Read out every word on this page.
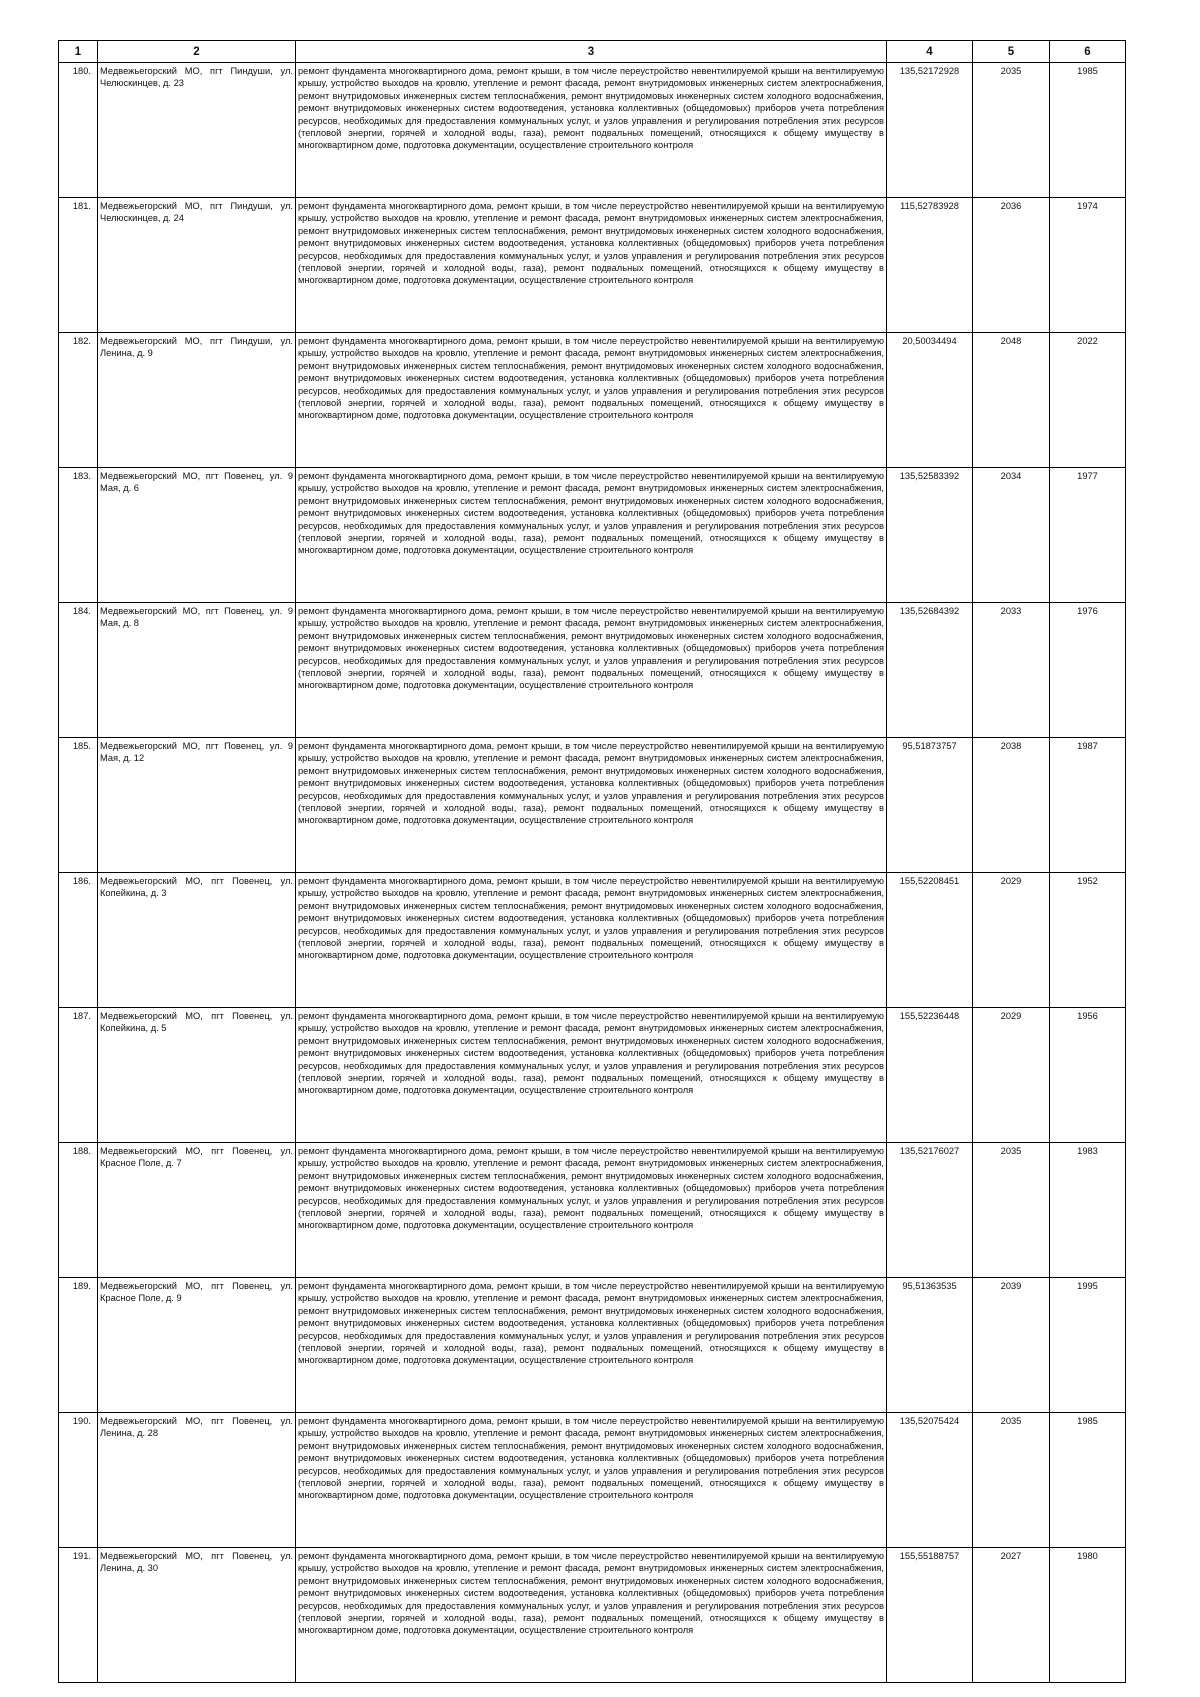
1	2	3	4	5	6
180.	Медвежьегорский МО, пгт Пиндуши, ул. Челюскинцев, д. 23	ремонт фундамента многоквартирного дома, ремонт крыши, в том числе переустройство невентилируемой крыши на вентилируемую крышу, устройство выходов на кровлю, утепление и ремонт фасада, ремонт внутридомовых инженерных систем электроснабжения, ремонт внутридомовых инженерных систем теплоснабжения, ремонт внутридомовых инженерных систем холодного водоснабжения, ремонт внутридомовых инженерных систем водоотведения, установка коллективных (общедомовых) приборов учета потребления ресурсов, необходимых для предоставления коммунальных услуг, и узлов управления и регулирования потребления этих ресурсов (тепловой энергии, горячей и холодной воды, газа), ремонт подвальных помещений, относящихся к общему имуществу в многоквартирном доме, подготовка документации, осуществление строительного контроля	135,52172928	2035	1985
181.	Медвежьегорский МО, пгт Пиндуши, ул. Челюскинцев, д. 24	ремонт фундамента многоквартирного дома, ремонт крыши, в том числе переустройство невентилируемой крыши на вентилируемую крышу, устройство выходов на кровлю, утепление и ремонт фасада, ремонт внутридомовых инженерных систем электроснабжения, ремонт внутридомовых инженерных систем теплоснабжения, ремонт внутридомовых инженерных систем холодного водоснабжения, ремонт внутридомовых инженерных систем водоотведения, установка коллективных (общедомовых) приборов учета потребления ресурсов, необходимых для предоставления коммунальных услуг, и узлов управления и регулирования потребления этих ресурсов (тепловой энергии, горячей и холодной воды, газа), ремонт подвальных помещений, относящихся к общему имуществу в многоквартирном доме, подготовка документации, осуществление строительного контроля	115,52783928	2036	1974
182.	Медвежьегорский МО, пгт Пиндуши, ул. Ленина, д. 9	ремонт фундамента многоквартирного дома, ремонт крыши, в том числе переустройство невентилируемой крыши на вентилируемую крышу, устройство выходов на кровлю, утепление и ремонт фасада, ремонт внутридомовых инженерных систем электроснабжения, ремонт внутридомовых инженерных систем теплоснабжения, ремонт внутридомовых инженерных систем холодного водоснабжения, ремонт внутридомовых инженерных систем водоотведения, установка коллективных (общедомовых) приборов учета потребления ресурсов, необходимых для предоставления коммунальных услуг, и узлов управления и регулирования потребления этих ресурсов (тепловой энергии, горячей и холодной воды, газа), ремонт подвальных помещений, относящихся к общему имуществу в многоквартирном доме, подготовка документации, осуществление строительного контроля	20,50034494	2048	2022
183.	Медвежьегорский МО, пгт Повенец, ул. 9 Мая, д. 6	ремонт фундамента многоквартирного дома, ремонт крыши, в том числе переустройство невентилируемой крыши на вентилируемую крышу, устройство выходов на кровлю, утепление и ремонт фасада, ремонт внутридомовых инженерных систем электроснабжения, ремонт внутридомовых инженерных систем теплоснабжения, ремонт внутридомовых инженерных систем холодного водоснабжения, ремонт внутридомовых инженерных систем водоотведения, установка коллективных (общедомовых) приборов учета потребления ресурсов, необходимых для предоставления коммунальных услуг, и узлов управления и регулирования потребления этих ресурсов (тепловой энергии, горячей и холодной воды, газа), ремонт подвальных помещений, относящихся к общему имуществу в многоквартирном доме, подготовка документации, осуществление строительного контроля	135,52583392	2034	1977
184.	Медвежьегорский МО, пгт Повенец, ул. 9 Мая, д. 8	ремонт фундамента многоквартирного дома, ремонт крыши, в том числе переустройство невентилируемой крыши на вентилируемую крышу, устройство выходов на кровлю, утепление и ремонт фасада, ремонт внутридомовых инженерных систем электроснабжения, ремонт внутридомовых инженерных систем теплоснабжения, ремонт внутридомовых инженерных систем холодного водоснабжения, ремонт внутридомовых инженерных систем водоотведения, установка коллективных (общедомовых) приборов учета потребления ресурсов, необходимых для предоставления коммунальных услуг, и узлов управления и регулирования потребления этих ресурсов (тепловой энергии, горячей и холодной воды, газа), ремонт подвальных помещений, относящихся к общему имуществу в многоквартирном доме, подготовка документации, осуществление строительного контроля	135,52684392	2033	1976
185.	Медвежьегорский МО, пгт Повенец, ул. 9 Мая, д. 12	ремонт фундамента многоквартирного дома, ремонт крыши, в том числе переустройство невентилируемой крыши на вентилируемую крышу, устройство выходов на кровлю, утепление и ремонт фасада, ремонт внутридомовых инженерных систем электроснабжения, ремонт внутридомовых инженерных систем теплоснабжения, ремонт внутридомовых инженерных систем холодного водоснабжения, ремонт внутридомовых инженерных систем водоотведения, установка коллективных (общедомовых) приборов учета потребления ресурсов, необходимых для предоставления коммунальных услуг, и узлов управления и регулирования потребления этих ресурсов (тепловой энергии, горячей и холодной воды, газа), ремонт подвальных помещений, относящихся к общему имуществу в многоквартирном доме, подготовка документации, осуществление строительного контроля	95,51873757	2038	1987
186.	Медвежьегорский МО, пгт Повенец, ул. Копейкина, д. 3	ремонт фундамента многоквартирного дома, ремонт крыши, в том числе переустройство невентилируемой крыши на вентилируемую крышу, устройство выходов на кровлю, утепление и ремонт фасада, ремонт внутридомовых инженерных систем электроснабжения, ремонт внутридомовых инженерных систем теплоснабжения, ремонт внутридомовых инженерных систем холодного водоснабжения, ремонт внутридомовых инженерных систем водоотведения, установка коллективных (общедомовых) приборов учета потребления ресурсов, необходимых для предоставления коммунальных услуг, и узлов управления и регулирования потребления этих ресурсов (тепловой энергии, горячей и холодной воды, газа), ремонт подвальных помещений, относящихся к общему имуществу в многоквартирном доме, подготовка документации, осуществление строительного контроля	155,52208451	2029	1952
187.	Медвежьегорский МО, пгт Повенец, ул. Копейкина, д. 5	ремонт фундамента многоквартирного дома, ремонт крыши, в том числе переустройство невентилируемой крыши на вентилируемую крышу, устройство выходов на кровлю, утепление и ремонт фасада, ремонт внутридомовых инженерных систем электроснабжения, ремонт внутридомовых инженерных систем теплоснабжения, ремонт внутридомовых инженерных систем холодного водоснабжения, ремонт внутридомовых инженерных систем водоотведения, установка коллективных (общедомовых) приборов учета потребления ресурсов, необходимых для предоставления коммунальных услуг, и узлов управления и регулирования потребления этих ресурсов (тепловой энергии, горячей и холодной воды, газа), ремонт подвальных помещений, относящихся к общему имуществу в многоквартирном доме, подготовка документации, осуществление строительного контроля	155,52236448	2029	1956
188.	Медвежьегорский МО, пгт Повенец, ул. Красное Поле, д. 7	ремонт фундамента многоквартирного дома, ремонт крыши, в том числе переустройство невентилируемой крыши на вентилируемую крышу, устройство выходов на кровлю, утепление и ремонт фасада, ремонт внутридомовых инженерных систем электроснабжения, ремонт внутридомовых инженерных систем теплоснабжения, ремонт внутридомовых инженерных систем холодного водоснабжения, ремонт внутридомовых инженерных систем водоотведения, установка коллективных (общедомовых) приборов учета потребления ресурсов, необходимых для предоставления коммунальных услуг, и узлов управления и регулирования потребления этих ресурсов (тепловой энергии, горячей и холодной воды, газа), ремонт подвальных помещений, относящихся к общему имуществу в многоквартирном доме, подготовка документации, осуществление строительного контроля	135,52176027	2035	1983
189.	Медвежьегорский МО, пгт Повенец, ул. Красное Поле, д. 9	ремонт фундамента многоквартирного дома, ремонт крыши, в том числе переустройство невентилируемой крыши на вентилируемую крышу, устройство выходов на кровлю, утепление и ремонт фасада, ремонт внутридомовых инженерных систем электроснабжения, ремонт внутридомовых инженерных систем теплоснабжения, ремонт внутридомовых инженерных систем холодного водоснабжения, ремонт внутридомовых инженерных систем водоотведения, установка коллективных (общедомовых) приборов учета потребления ресурсов, необходимых для предоставления коммунальных услуг, и узлов управления и регулирования потребления этих ресурсов (тепловой энергии, горячей и холодной воды, газа), ремонт подвальных помещений, относящихся к общему имуществу в многоквартирном доме, подготовка документации, осуществление строительного контроля	95,51363535	2039	1995
190.	Медвежьегорский МО, пгт Повенец, ул. Ленина, д. 28	ремонт фундамента многоквартирного дома, ремонт крыши, в том числе переустройство невентилируемой крыши на вентилируемую крышу, устройство выходов на кровлю, утепление и ремонт фасада, ремонт внутридомовых инженерных систем электроснабжения, ремонт внутридомовых инженерных систем теплоснабжения, ремонт внутридомовых инженерных систем холодного водоснабжения, ремонт внутридомовых инженерных систем водоотведения, установка коллективных (общедомовых) приборов учета потребления ресурсов, необходимых для предоставления коммунальных услуг, и узлов управления и регулирования потребления этих ресурсов (тепловой энергии, горячей и холодной воды, газа), ремонт подвальных помещений, относящихся к общему имуществу в многоквартирном доме, подготовка документации, осуществление строительного контроля	135,52075424	2035	1985
191.	Медвежьегорский МО, пгт Повенец, ул. Ленина, д. 30	ремонт фундамента многоквартирного дома, ремонт крыши, в том числе переустройство невентилируемой крыши на вентилируемую крышу, устройство выходов на кровлю, утепление и ремонт фасада, ремонт внутридомовых инженерных систем электроснабжения, ремонт внутридомовых инженерных систем теплоснабжения, ремонт внутридомовых инженерных систем холодного водоснабжения, ремонт внутридомовых инженерных систем водоотведения, установка коллективных (общедомовых) приборов учета потребления ресурсов, необходимых для предоставления коммунальных услуг, и узлов управления и регулирования потребления этих ресурсов (тепловой энергии, горячей и холодной воды, газа), ремонт подвальных помещений, относящихся к общему имуществу в многоквартирном доме, подготовка документации, осуществление строительного контроля	155,55188757	2027	1980
